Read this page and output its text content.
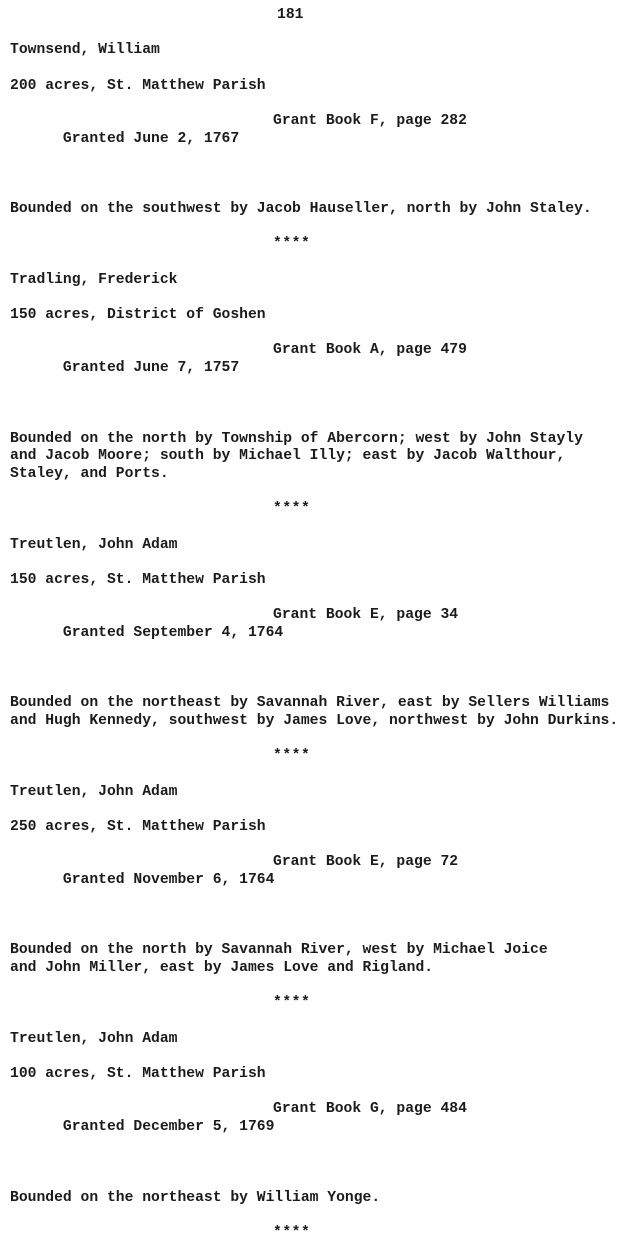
181
Townsend, William
200 acres, St. Matthew Parish

Granted June 2, 1767

Grant Book F, page 282

Bounded on the southwest by Jacob Hauseller, north by John Staley.
****
Tradling, Frederick
150 acres, District of Goshen

Granted June 7, 1757

Grant Book A, page 479

Bounded on the north by Township of Abercorn; west by John Stayly
and Jacob Moore; south by Michael Illy; east by Jacob Walthour,
Staley, and Ports.
****
Treutlen, John Adam
150 acres, St. Matthew Parish

Granted September 4, 1764

Grant Book E, page 34

Bounded on the northeast by Savannah River, east by Sellers Williams
and Hugh Kennedy, southwest by James Love, northwest by John Durkins.
****
Treutlen, John Adam
250 acres, St. Matthew Parish

Granted November 6, 1764

Grant Book E, page 72

Bounded on the north by Savannah River, west by Michael Joice
and John Miller, east by James Love and Rigland.
****
Treutlen, John Adam
100 acres, St. Matthew Parish

Granted December 5, 1769

Grant Book G, page 484

Bounded on the northeast by William Yonge.
****
